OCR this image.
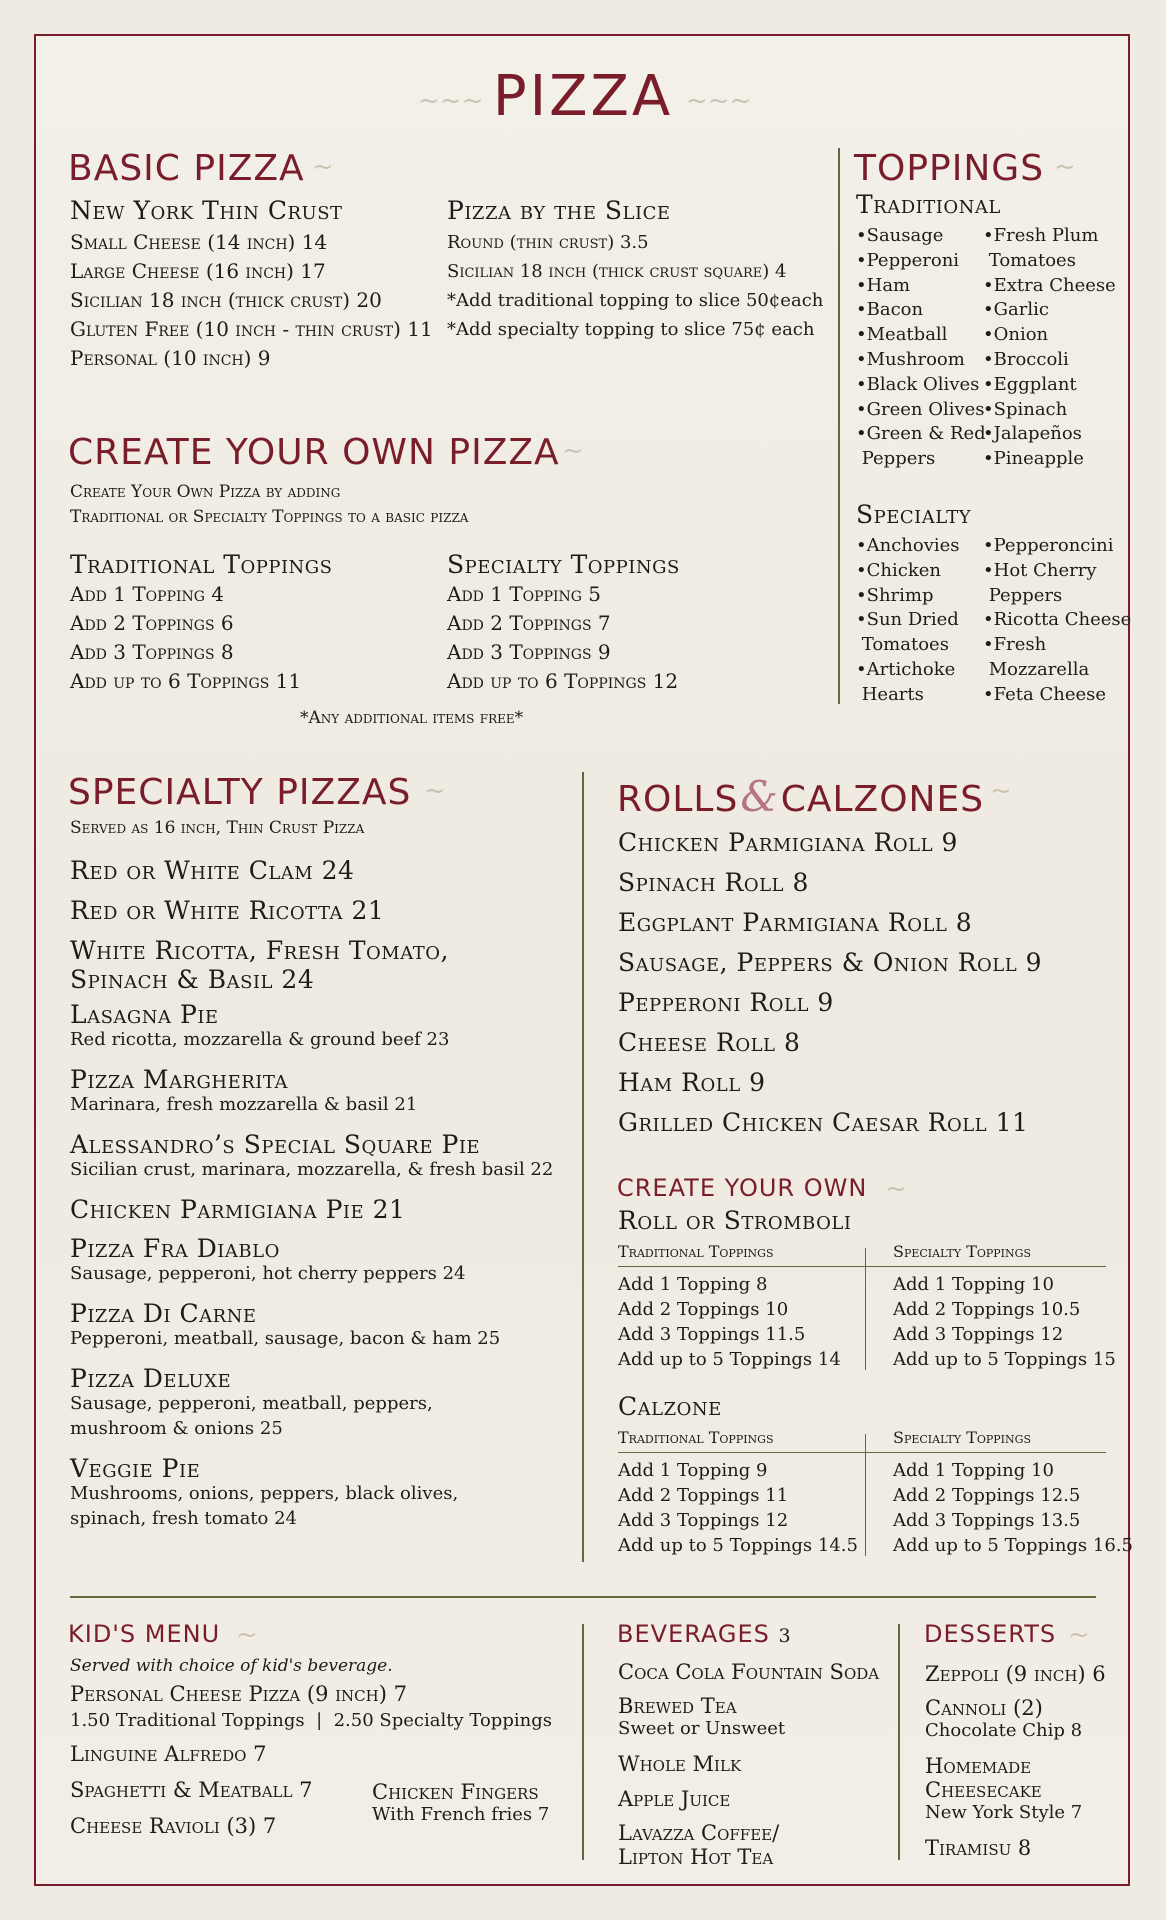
~~~ PIZZA ~~~
BASIC PIZZA ~
New York Thin Crust
Small Cheese (14 inch) 14
Large Cheese (16 inch) 17
Sicilian 18 inch (thick crust) 20
Gluten Free (10 inch - thin crust) 11
Personal (10 inch) 9
Pizza by the Slice
Round (thin crust) 3.5
Sicilian 18 inch (thick crust square) 4
*Add traditional topping to slice 50¢each
*Add specialty topping to slice 75¢ each
CREATE YOUR OWN PIZZA ~
Create Your Own Pizza by adding
Traditional or Specialty Toppings to a basic pizza
Traditional Toppings
Add 1 Topping 4
Add 2 Toppings 6
Add 3 Toppings 8
Add up to 6 Toppings 11
Specialty Toppings
Add 1 Topping 5
Add 2 Toppings 7
Add 3 Toppings 9
Add up to 6 Toppings 12
*Any additional items free*
TOPPINGS ~
Traditional
•Sausage
•Pepperoni
•Ham
•Bacon
•Meatball
•Mushroom
•Black Olives
•Green Olives
•Green & Red
Peppers
•Fresh Plum
Tomatoes
•Extra Cheese
•Garlic
•Onion
•Broccoli
•Eggplant
•Spinach
•Jalapeños
•Pineapple
Specialty
•Anchovies
•Chicken
•Shrimp
•Sun Dried
Tomatoes
•Artichoke
Hearts
•Pepperoncini
•Hot Cherry
Peppers
•Ricotta Cheese
•Fresh
Mozzarella
•Feta Cheese
SPECIALTY PIZZAS ~
Served as 16 inch, Thin Crust Pizza
Red or White Clam 24
Red or White Ricotta 21
White Ricotta, Fresh Tomato,
Spinach & Basil 24
Lasagna Pie
Red ricotta, mozzarella & ground beef 23
Pizza Margherita
Marinara, fresh mozzarella & basil 21
Alessandro’s Special Square Pie
Sicilian crust, marinara, mozzarella, & fresh basil 22
Chicken Parmigiana Pie 21
Pizza Fra Diablo
Sausage, pepperoni, hot cherry peppers 24
Pizza Di Carne
Pepperoni, meatball, sausage, bacon & ham 25
Pizza Deluxe
Sausage, pepperoni, meatball, peppers,
mushroom & onions 25
Veggie Pie
Mushrooms, onions, peppers, black olives,
spinach, fresh tomato 24
ROLLS&CALZONES ~
Chicken Parmigiana Roll 9
Spinach Roll 8
Eggplant Parmigiana Roll 8
Sausage, Peppers & Onion Roll 9
Pepperoni Roll 9
Cheese Roll 8
Ham Roll 9
Grilled Chicken Caesar Roll 11
CREATE YOUR OWN ~
Roll or Stromboli
Traditional Toppings	Specialty Toppings
Add 1 Topping 8
Add 2 Toppings 10
Add 3 Toppings 11.5
Add up to 5 Toppings 14
Add 1 Topping 10
Add 2 Toppings 10.5
Add 3 Toppings 12
Add up to 5 Toppings 15
Calzone
Traditional Toppings	Specialty Toppings
Add 1 Topping 9
Add 2 Toppings 11
Add 3 Toppings 12
Add up to 5 Toppings 14.5
Add 1 Topping 10
Add 2 Toppings 12.5
Add 3 Toppings 13.5
Add up to 5 Toppings 16.5
KID'S MENU ~
Served with choice of kid's beverage.
Personal Cheese Pizza (9 inch) 7
1.50 Traditional Toppings  |  2.50 Specialty Toppings
Linguine Alfredo 7
Spaghetti & Meatball 7
Cheese Ravioli (3) 7
Chicken Fingers
With French fries 7
BEVERAGES 3
Coca Cola Fountain Soda
Brewed Tea
Sweet or Unsweet
Whole Milk
Apple Juice
Lavazza Coffee/
Lipton Hot Tea
DESSERTS ~
Zeppoli (9 inch) 6
Cannoli (2)
Chocolate Chip 8
Homemade
Cheesecake
New York Style 7
Tiramisu 8
